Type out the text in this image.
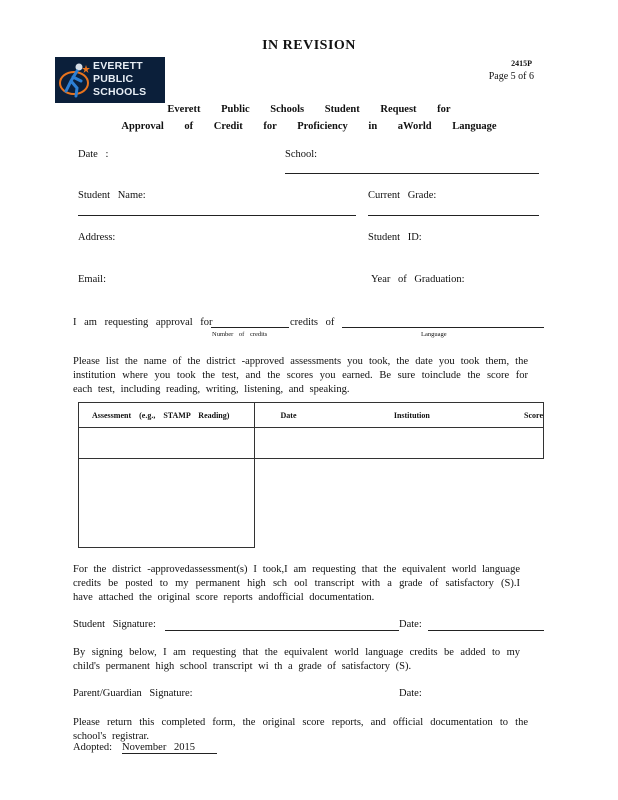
IN REVISION
2415P
Page 5 of 6
EVERETT
PUBLIC
SCHOOLS
Everett Public Schools Student Request for
Approval of Credit for Proficiency in aWorld Language
Date :	School:
Student Name:	Current Grade:
Address:	Student ID:
Email:	Year of Graduation:
I am requesting approval for	credits of
Number of credits	Language
Please list the name of the district -approved assessments you took, the date you took them, the institution where you took the test, and the scores you earned. Be sure toinclude the score for each test, including reading, writing, listening, and speaking.
Assessment (e.g., STAMP Reading)	Date	Institution	Score

For the district -approvedassessment(s) I took,I am requesting that the equivalent world language credits be posted to my permanent high sch ool transcript with a grade of satisfactory (S).I have attached the original score reports andofficial documentation.
Student Signature:	Date:
By signing below, I am requesting that the equivalent world language credits be added to my child's permanent high school transcript wi th a grade of satisfactory (S).
Parent/Guardian Signature:	Date:
Please return this completed form, the original score reports, and official documentation to the school's registrar.
Adopted: November 2015
